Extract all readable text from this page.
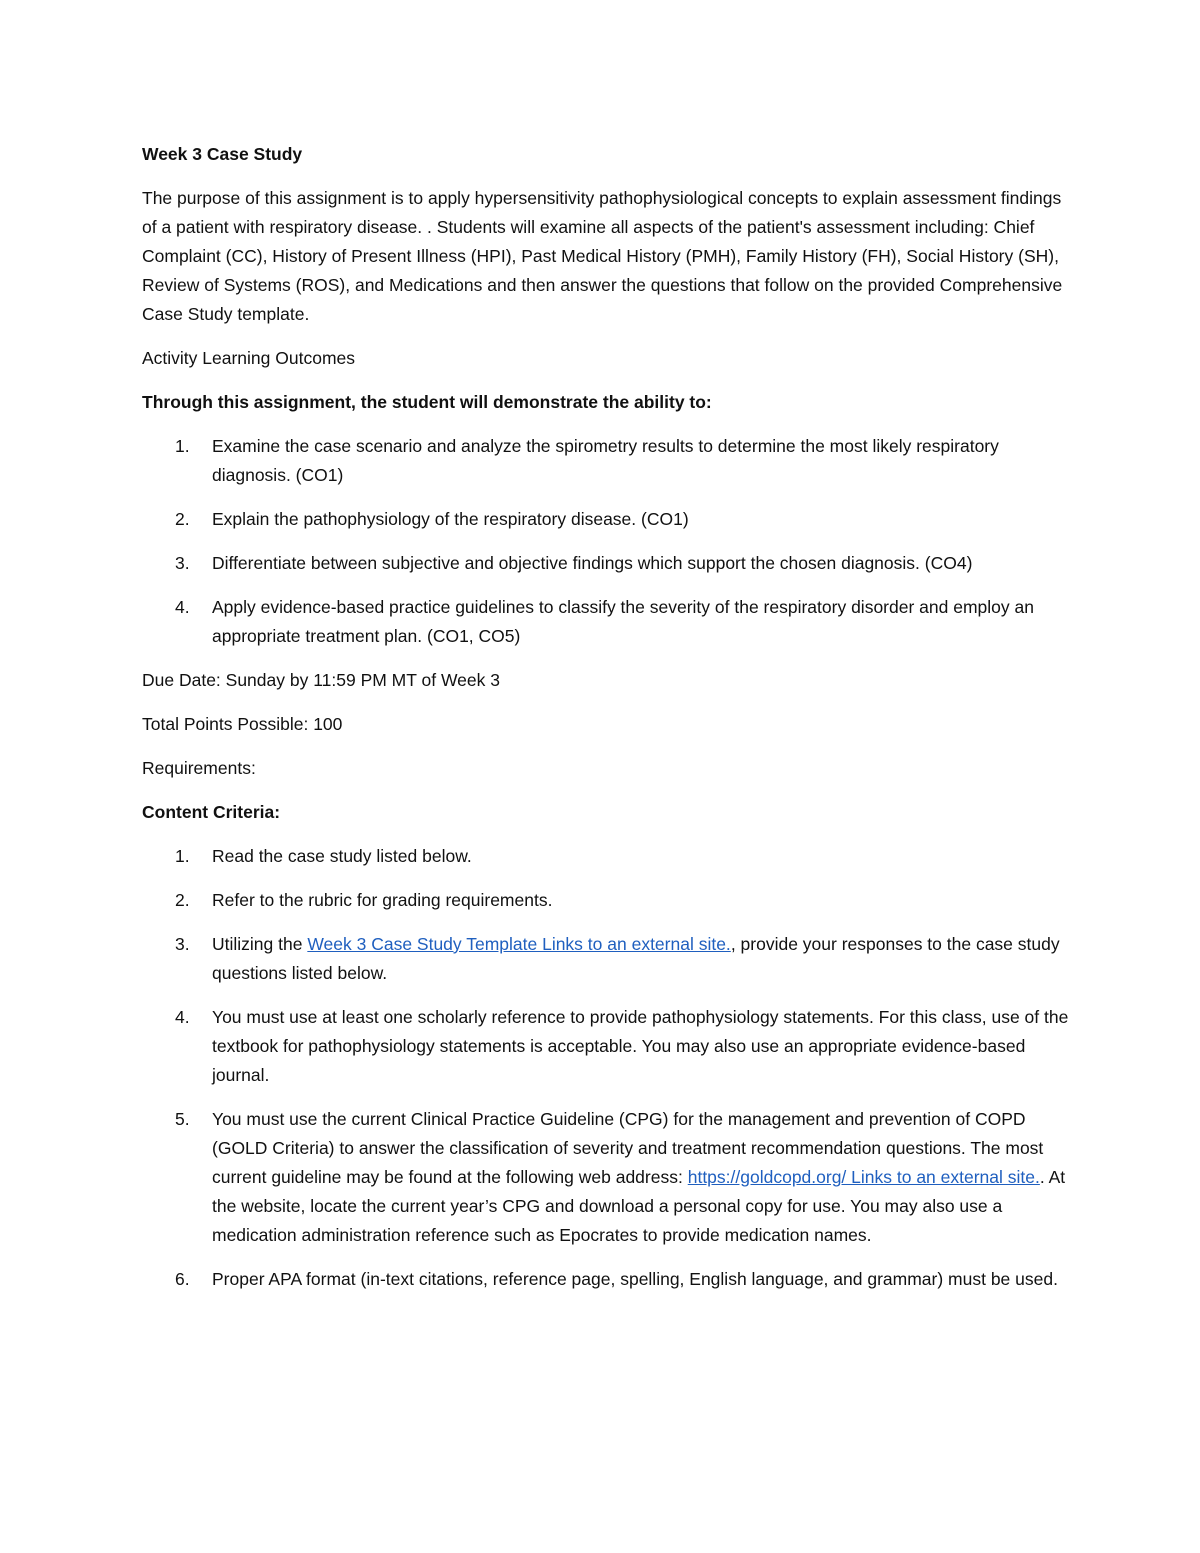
Week 3 Case Study

The purpose of this assignment is to apply hypersensitivity pathophysiological concepts to explain assessment findings of a patient with respiratory disease. . Students will examine all aspects of the patient's assessment including: Chief Complaint (CC), History of Present Illness (HPI), Past Medical History (PMH), Family History (FH), Social History (SH), Review of Systems (ROS), and Medications and then answer the questions that follow on the provided Comprehensive Case Study template.

Activity Learning Outcomes

Through this assignment, the student will demonstrate the ability to:

1. Examine the case scenario and analyze the spirometry results to determine the most likely respiratory diagnosis. (CO1)
2. Explain the pathophysiology of the respiratory disease. (CO1)
3. Differentiate between subjective and objective findings which support the chosen diagnosis. (CO4)
4. Apply evidence-based practice guidelines to classify the severity of the respiratory disorder and employ an appropriate treatment plan. (CO1, CO5)

Due Date: Sunday by 11:59 PM MT of Week 3

Total Points Possible: 100

Requirements:

Content Criteria:

1. Read the case study listed below.
2. Refer to the rubric for grading requirements.
3. Utilizing the Week 3 Case Study Template Links to an external site., provide your responses to the case study questions listed below.
4. You must use at least one scholarly reference to provide pathophysiology statements. For this class, use of the textbook for pathophysiology statements is acceptable. You may also use an appropriate evidence-based journal.
5. You must use the current Clinical Practice Guideline (CPG) for the management and prevention of COPD (GOLD Criteria) to answer the classification of severity and treatment recommendation questions. The most current guideline may be found at the following web address: https://goldcopd.org/ Links to an external site.. At the website, locate the current year’s CPG and download a personal copy for use. You may also use a medication administration reference such as Epocrates to provide medication names.
6. Proper APA format (in-text citations, reference page, spelling, English language, and grammar) must be used.
